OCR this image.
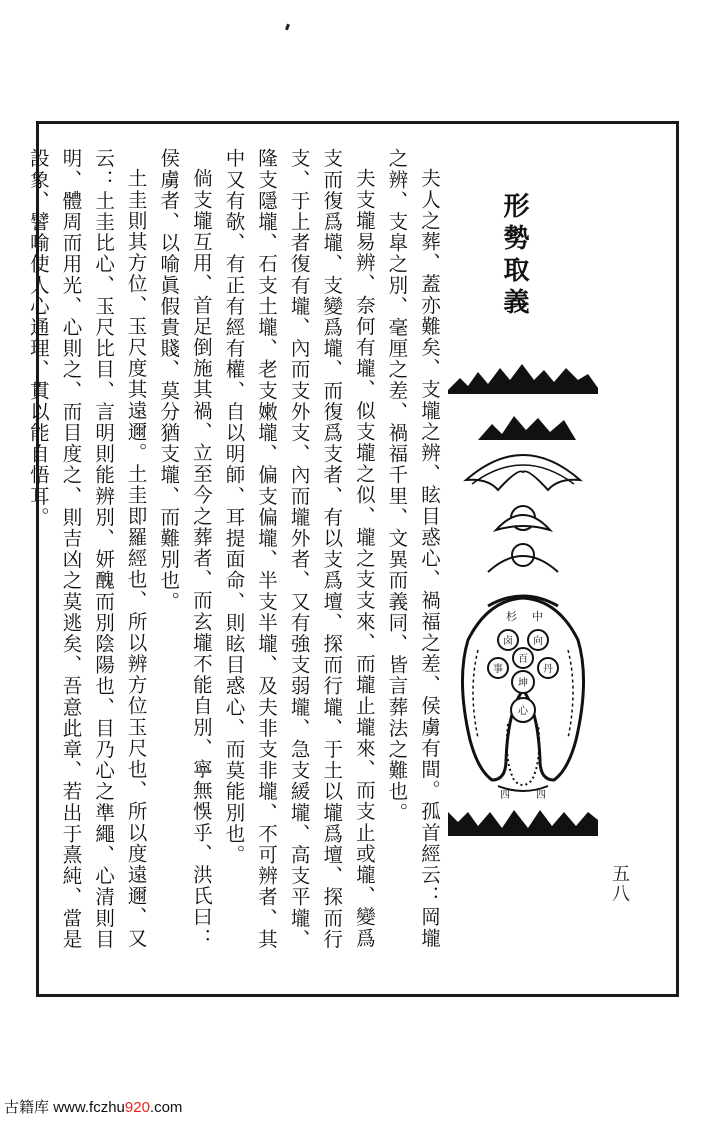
形勢取義

夫人之葬、蓋亦難矣、支壠之辨、眩目惑心、禍福之差、侯虜有間。孤首經云：岡壠之辨、支皐之別、毫厘之差、禍福千里、文異而義同、皆言葬法之難也。

夫支壠易辨、奈何有壠、似支壠之似、壠之支支來、而壠止壠來、而支止或壠、變爲支而復爲壠、支變爲壠、而復爲支者、有以支爲壇、探而行壠、于土以壠爲壇、探而行支、于上者復有壠、內而支外支、內而壠外者、又有強支弱壠、急支緩壠、高支平壠、隆支隱壠、石支土壠、老支嫩壠、偏支偏壠、半支半壠、及夫非支非壠、不可辨者、其中又有欹、有正有經有權、自以明師、耳提面命、則眩目惑心、而莫能別也。

倘支壠互用、首足倒施其禍、立至今之葬者、而玄壠不能自別、寧無悞乎、洪氏曰：侯虜者、以喻眞假貴賤、莫分猶支壠、而難別也。

土圭則其方位、玉尺度其遠邇。土圭即羅經也、所以辨方位玉尺也、所以度遠邇、又云：土圭比心、玉尺比目、言明則能辨別、妍醜而別陰陽也、目乃心之準繩、心清則目明、體周而用光、心則之、而目度之、則吉凶之莫逃矣、吾意此章、若出于熹純、當是設象、譬喻使人心通理、貫以能自悟耳。

杉 中
卤 向
百
事	丹
坤
心
四	四
五八
古籍库 www.fczhu920.com
